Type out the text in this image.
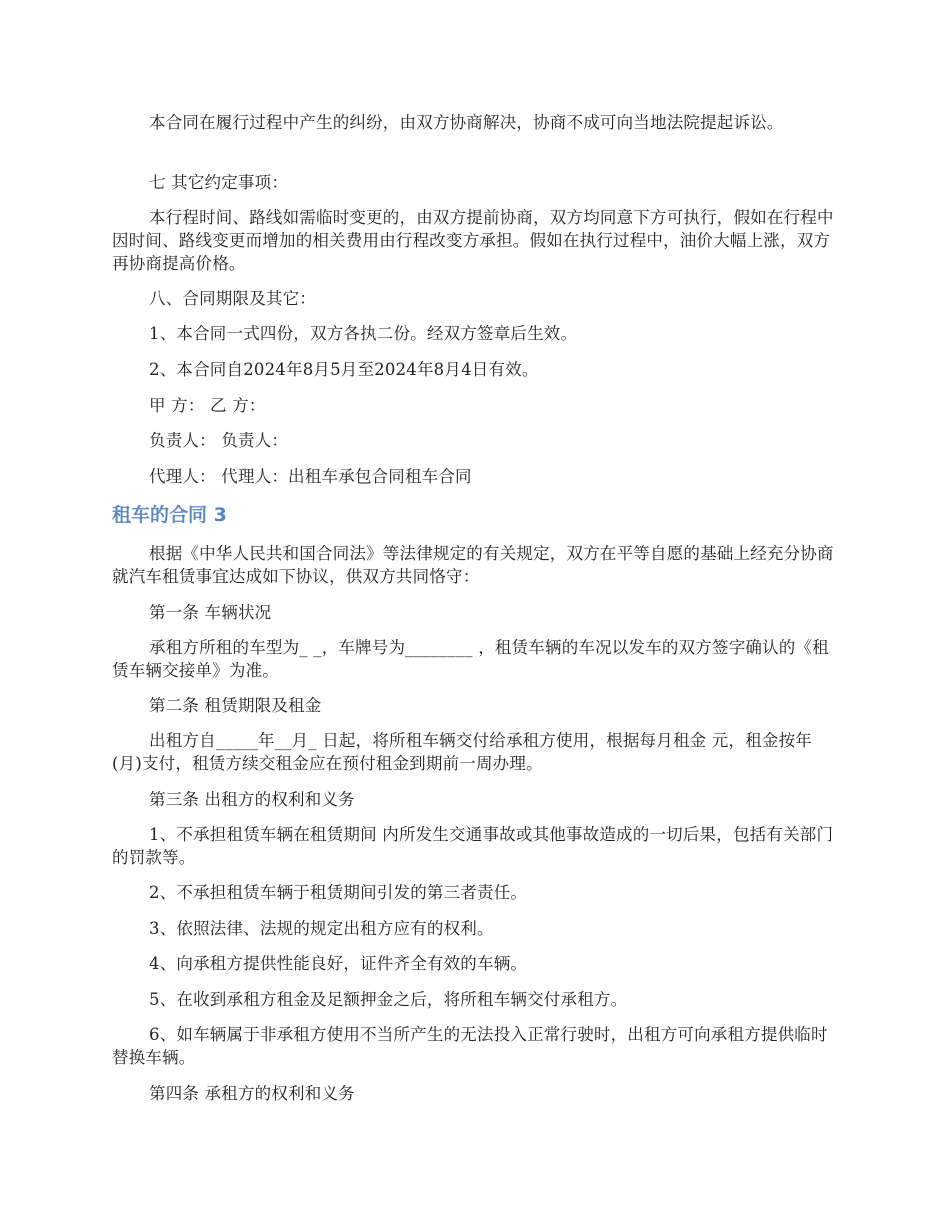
本合同在履行过程中产生的纠纷，由双方协商解决，协商不成可向当地法院提起诉讼。

七 其它约定事项：

本行程时间、路线如需临时变更的，由双方提前协商，双方均同意下方可执行，假如在行程中因时间、路线变更而增加的相关费用由行程改变方承担。假如在执行过程中，油价大幅上涨，双方再协商提高价格。

八、合同期限及其它：

1、本合同一式四份，双方各执二份。经双方签章后生效。

2、本合同自2024年8月5月至2024年8月4日有效。

甲 方： 乙 方：

负责人： 负责人：

代理人： 代理人：出租车承包合同租车合同

租车的合同 3

根据《中华人民共和国合同法》等法律规定的有关规定，双方在平等自愿的基础上经充分协商就汽车租赁事宜达成如下协议，供双方共同恪守：

第一条 车辆状况

承租方所租的车型为_ _，车牌号为________ ，租赁车辆的车况以发车的双方签字确认的《租赁车辆交接单》为准。

第二条 租赁期限及租金

出租方自_____年__月_ 日起，将所租车辆交付给承租方使用，根据每月租金 元，租金按年(月)支付，租赁方续交租金应在预付租金到期前一周办理。

第三条 出租方的权利和义务

1、不承担租赁车辆在租赁期间 内所发生交通事故或其他事故造成的一切后果，包括有关部门的罚款等。

2、不承担租赁车辆于租赁期间引发的第三者责任。

3、依照法律、法规的规定出租方应有的权利。

4、向承租方提供性能良好，证件齐全有效的车辆。

5、在收到承租方租金及足额押金之后，将所租车辆交付承租方。

6、如车辆属于非承租方使用不当所产生的无法投入正常行驶时，出租方可向承租方提供临时替换车辆。

第四条 承租方的权利和义务
